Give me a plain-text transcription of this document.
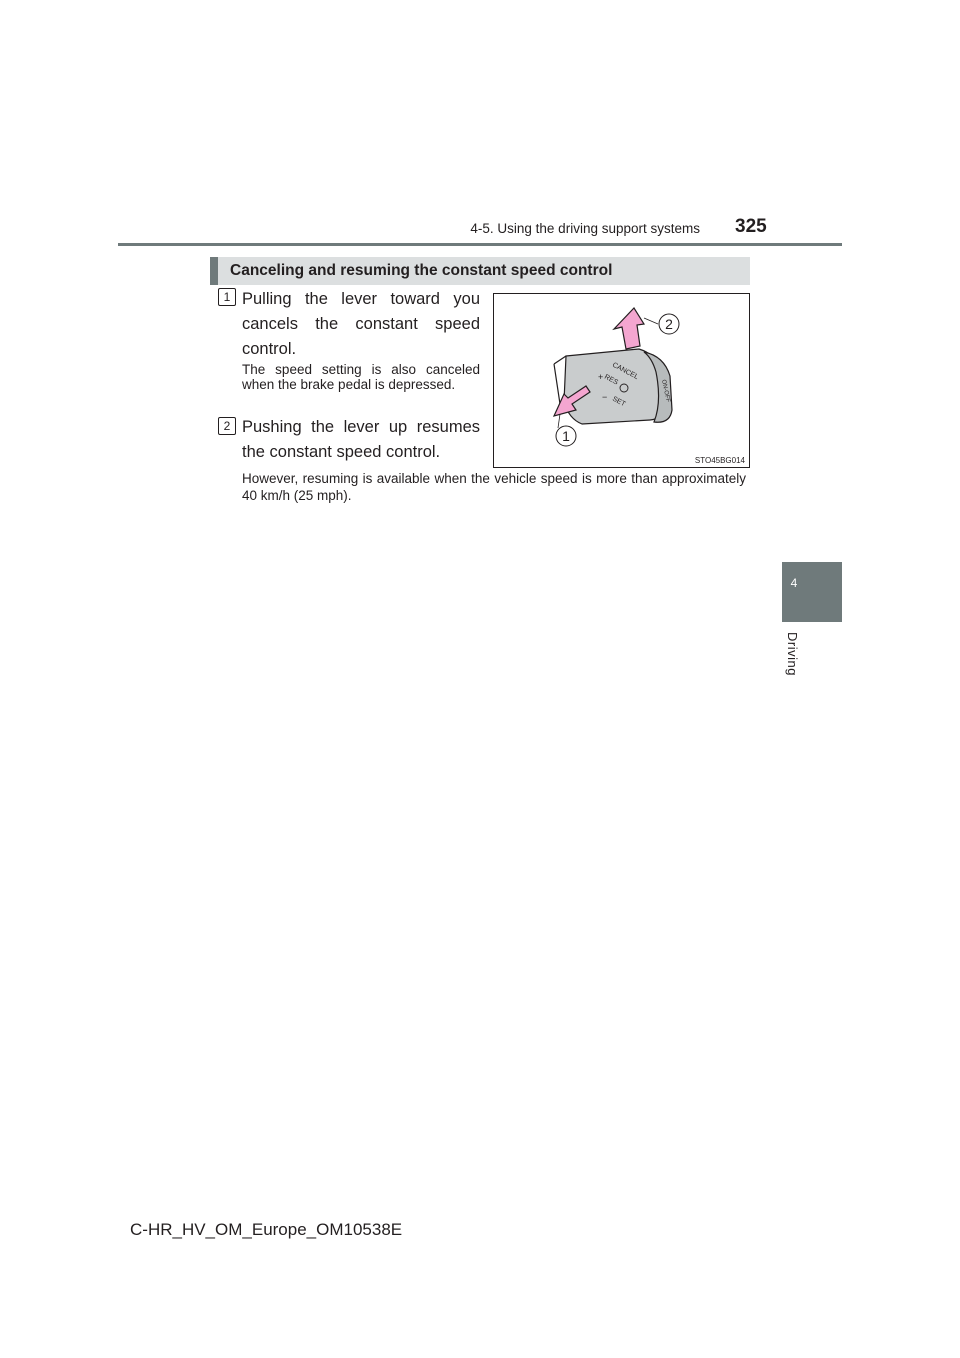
4-5. Using the driving support systems 325
4
Driving
Canceling and resuming the constant speed control
1 Pulling the lever toward you cancels the constant speed control.
The speed setting is also canceled when the brake pedal is depressed.
2 Pushing the lever up resumes the constant speed control.
However, resuming is available when the vehicle speed is more than approximately 40 km/h (25 mph).
CANCEL
RES
+
SET
−	ON-OFF
2
1
STO45BG014
C-HR_HV_OM_Europe_OM10538E
